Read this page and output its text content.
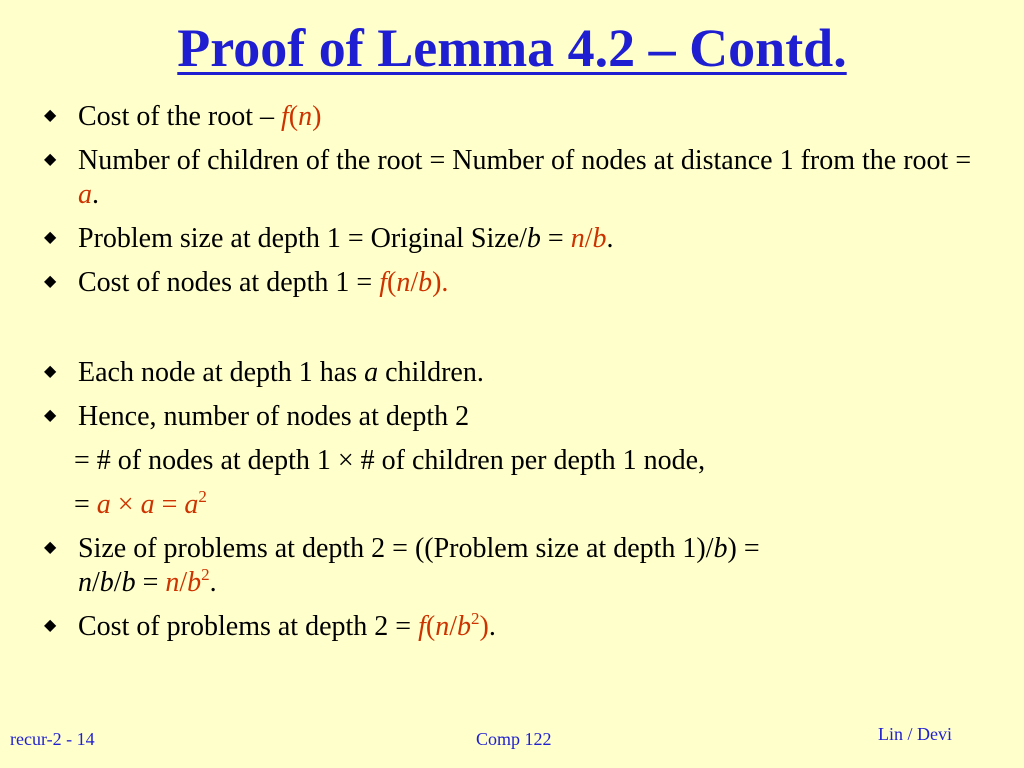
Proof of Lemma 4.2 – Contd.
◆ Cost of the root – f(n)
◆ Number of children of the root = Number of nodes at distance 1 from the root = a.
◆ Problem size at depth 1 = Original Size/b = n/b.
◆ Cost of nodes at depth 1 = f(n/b).
◆ Each node at depth 1 has a children.
◆ Hence, number of nodes at depth 2
= # of nodes at depth 1 × # of children per depth 1 node,
= $a \times a = a^2$
◆ Size of problems at depth 2 = ((Problem size at depth 1)/b) =
$n/b/b = n/b^2$.
◆ Cost of problems at depth $2 = f(n/b^2)$.
recur-2 - 14	Comp 122	Lin / Devi
